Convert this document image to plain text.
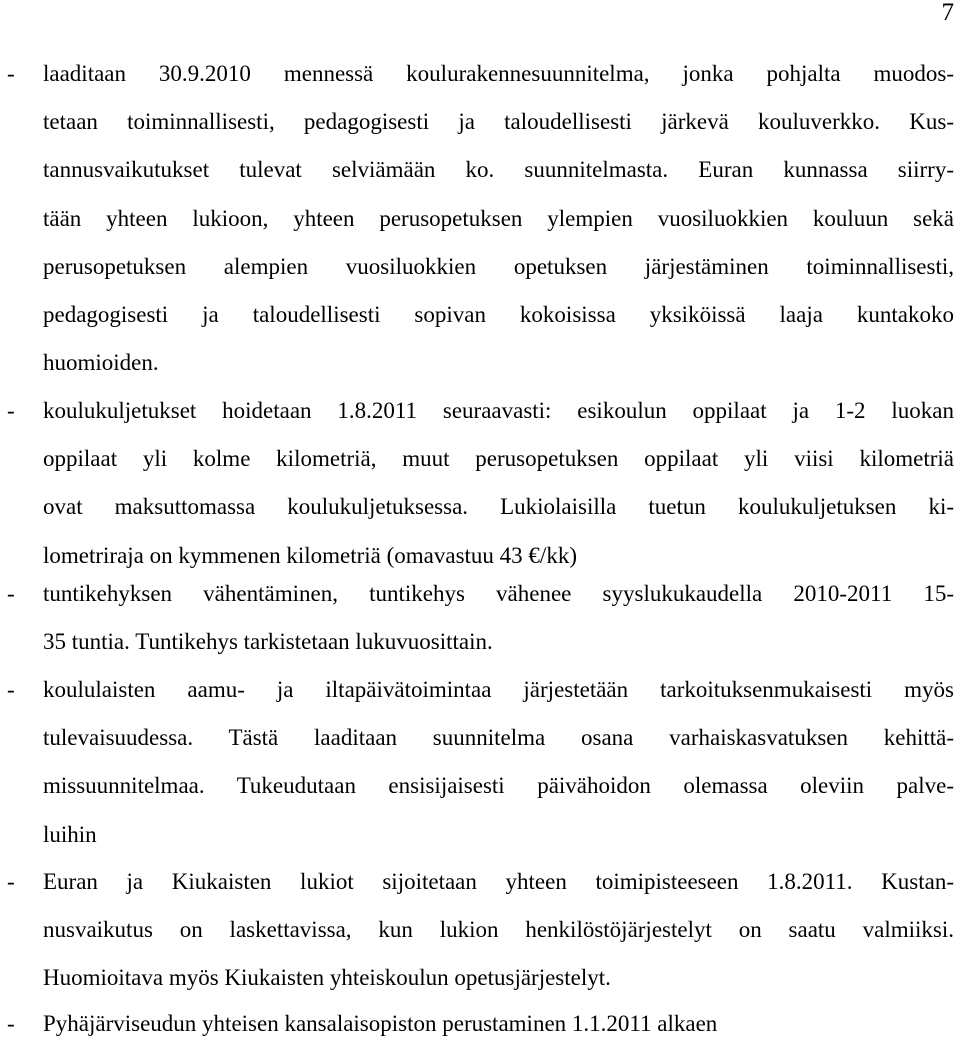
7
- laaditaan 30.9.2010 mennessä koulurakennesuunnitelma, jonka pohjalta muodos-
tetaan toiminnallisesti, pedagogisesti ja taloudellisesti järkevä kouluverkko. Kus-
tannusvaikutukset tulevat selviämään ko. suunnitelmasta. Euran kunnassa siirry-
tään yhteen lukioon, yhteen perusopetuksen ylempien vuosiluokkien kouluun sekä
perusopetuksen alempien vuosiluokkien opetuksen järjestäminen toiminnallisesti,
pedagogisesti ja taloudellisesti sopivan kokoisissa yksiköissä laaja kuntakoko
huomioiden.
- koulukuljetukset hoidetaan 1.8.2011 seuraavasti: esikoulun oppilaat ja 1-2 luokan
oppilaat yli kolme kilometriä, muut perusopetuksen oppilaat yli viisi kilometriä
ovat maksuttomassa koulukuljetuksessa. Lukiolaisilla tuetun koulukuljetuksen ki-
lometriraja on kymmenen kilometriä (omavastuu 43 €/kk)
- tuntikehyksen vähentäminen, tuntikehys vähenee syyslukukaudella 2010-2011 15-
35 tuntia. Tuntikehys tarkistetaan lukuvuosittain.
- koululaisten aamu- ja iltapäivätoimintaa järjestetään tarkoituksenmukaisesti myös
tulevaisuudessa. Tästä laaditaan suunnitelma osana varhaiskasvatuksen kehittä-
missuunnitelmaa. Tukeudutaan ensisijaisesti päivähoidon olemassa oleviin palve-
luihin
- Euran ja Kiukaisten lukiot sijoitetaan yhteen toimipisteeseen 1.8.2011. Kustan-
nusvaikutus on laskettavissa, kun lukion henkilöstöjärjestelyt on saatu valmiiksi.
Huomioitava myös Kiukaisten yhteiskoulun opetusjärjestelyt.
- Pyhäjärviseudun yhteisen kansalaisopiston perustaminen 1.1.2011 alkaen
